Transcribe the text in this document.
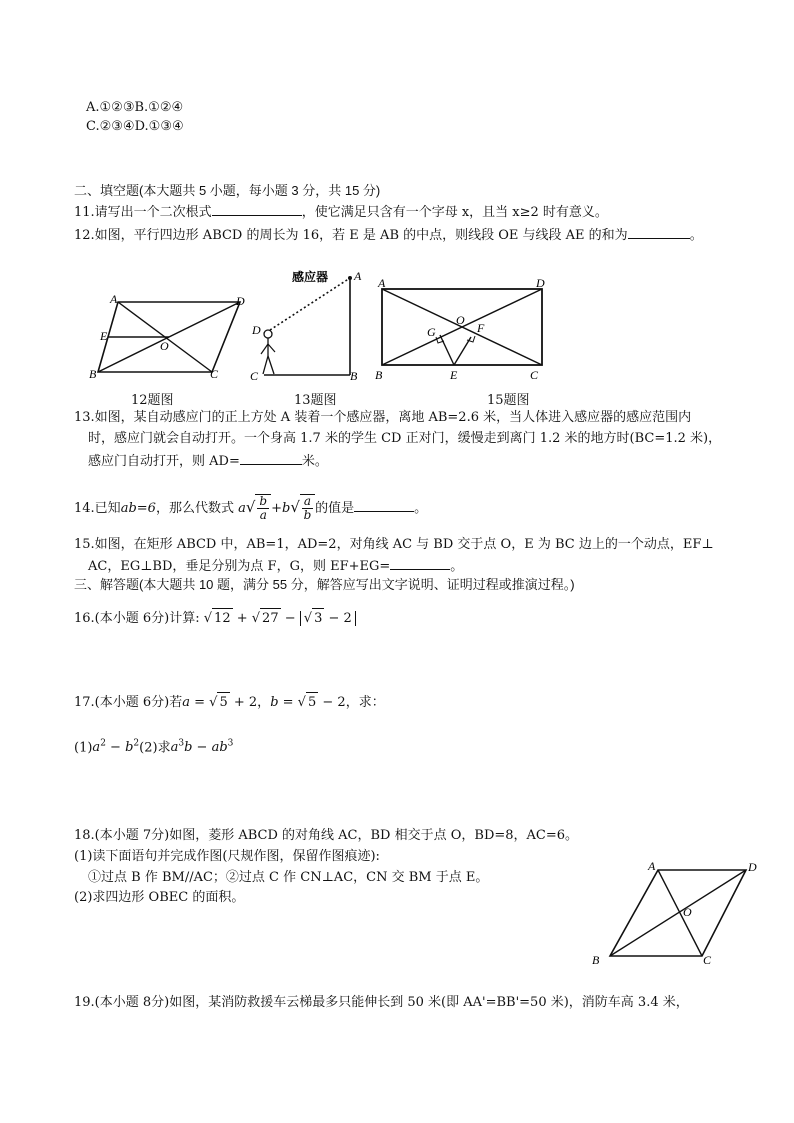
A.①②③B.①②④
C.②③④D.①③④
二、填空题(本大题共 5 小题，每小题 3 分，共 15 分)
11.请写出一个二次根式	，使它满足只含有一个字母 x，且当 x≥2 时有意义。
12.如图，平行四边形 ABCD 的周长为 16，若 E 是 AB 的中点，则线段 OE 与线段 AE 的和为	。
A	D
E
O
B	C
12题图
感应器 A
D
C	B
13题图
A	D
G
O
F
B	E	C
15题图
13.如图，某自动感应门的正上方处 A 装着一个感应器，离地 AB=2.6 米，当人体进入感应器的感应范围内
时，感应门就会自动打开。一个身高 1.7 米的学生 CD 正对门，缓慢走到离门 1.2 米的地方时(BC=1.2 米)，
感应门自动打开，则 AD=	米。
14.已知ab=6，那么代数式 $a√ \frac{b}{a} +b√ \frac{a}{b}$ 的值是	。
15.如图，在矩形 ABCD 中，AB=1，AD=2，对角线 AC 与 BD 交于点 O，E 为 BC 边上的一个动点，EF⊥
AC，EG⊥BD，垂足分别为点 F，G，则 EF+EG=	。
三、解答题(本大题共 10 题，满分 55 分，解答应写出文字说明、证明过程或推演过程。)
16.(本小题 6分)计算: √ 12 + √ 27 − √ 3 − 2
17.(本小题 6分)若a = √ 5 + 2，b = √ 5 − 2，求：
$(1)a^2 - b^2(2)$求$a^3b - ab^3$
18.(本小题 7分)如图，菱形 ABCD 的对角线 AC，BD 相交于点 O，BD=8，AC=6。
(1)读下面语句并完成作图(尺规作图，保留作图痕迹):
①过点 B 作 BM//AC；②过点 C 作 CN⊥AC，CN 交 BM 于点 E。
(2)求四边形 OBEC 的面积。
A	D
O
B	C
19.(本小题 8分)如图，某消防救援车云梯最多只能伸长到 50 米(即 AA'=BB'=50 米)，消防车高 3.4 米，
